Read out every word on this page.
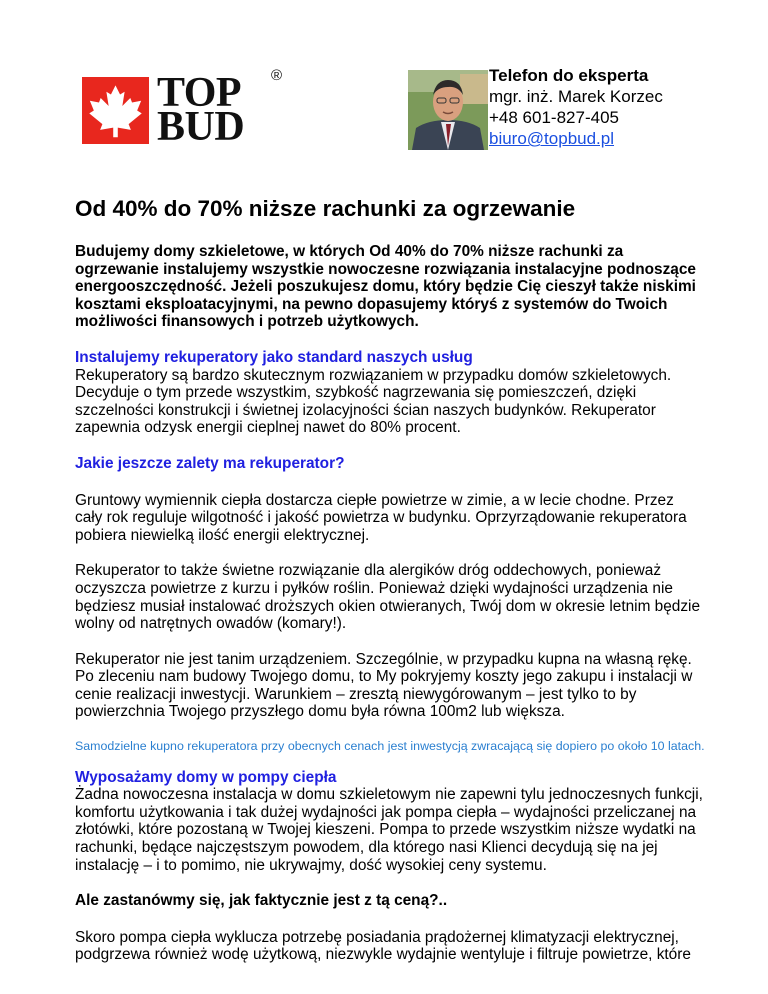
TOP
BUD
®	Telefon do eksperta
mgr. inż. Marek Korzec
+48 601-827-405
biuro@topbud.pl
Od 40% do 70% niższe rachunki za ogrzewanie

Budujemy domy szkieletowe, w których Od 40% do 70% niższe rachunki za ogrzewanie instalujemy wszystkie nowoczesne rozwiązania instalacyjne podnoszące energooszczędność. Jeżeli poszukujesz domu, który będzie Cię cieszył także niskimi kosztami eksploatacyjnymi, na pewno dopasujemy któryś z systemów do Twoich możliwości finansowych i potrzeb użytkowych.

Instalujemy rekuperatory jako standard naszych usług

Rekuperatory są bardzo skutecznym rozwiązaniem w przypadku domów szkieletowych. Decyduje o tym przede wszystkim, szybkość nagrzewania się pomieszczeń, dzięki szczelności konstrukcji i świetnej izolacyjności ścian naszych budynków. Rekuperator zapewnia odzysk energii cieplnej nawet do 80% procent.

Jakie jeszcze zalety ma rekuperator?

Gruntowy wymiennik ciepła dostarcza ciepłe powietrze w zimie, a w lecie chodne. Przez cały rok reguluje wilgotność i jakość powietrza w budynku. Oprzyrządowanie rekuperatora pobiera niewielką ilość energii elektrycznej.

Rekuperator to także świetne rozwiązanie dla alergików dróg oddechowych, ponieważ oczyszcza powietrze z kurzu i pyłków roślin. Ponieważ dzięki wydajności urządzenia nie będziesz musiał instalować droższych okien otwieranych, Twój dom w okresie letnim będzie wolny od natrętnych owadów (komary!).

Rekuperator nie jest tanim urządzeniem. Szczególnie, w przypadku kupna na własną rękę. Po zleceniu nam budowy Twojego domu, to My pokryjemy koszty jego zakupu i instalacji w cenie realizacji inwestycji. Warunkiem – zresztą niewygórowanym – jest tylko to by powierzchnia Twojego przyszłego domu była równa 100m2 lub większa.

Samodzielne kupno rekuperatora przy obecnych cenach jest inwestycją zwracającą się dopiero po około 10 latach.

Wyposażamy domy w pompy ciepła

Żadna nowoczesna instalacja w domu szkieletowym nie zapewni tylu jednoczesnych funkcji, komfortu użytkowania i tak dużej wydajności jak pompa ciepła – wydajności przeliczanej na złotówki, które pozostaną w Twojej kieszeni. Pompa to przede wszystkim niższe wydatki na rachunki, będące najczęstszym powodem, dla którego nasi Klienci decydują się na jej instalację – i to pomimo, nie ukrywajmy, dość wysokiej ceny systemu.

Ale zastanówmy się, jak faktycznie jest z tą ceną?..

Skoro pompa ciepła wyklucza potrzebę posiadania prądożernej klimatyzacji elektrycznej, podgrzewa również wodę użytkową, niezwykle wydajnie wentyluje i filtruje powietrze, które
